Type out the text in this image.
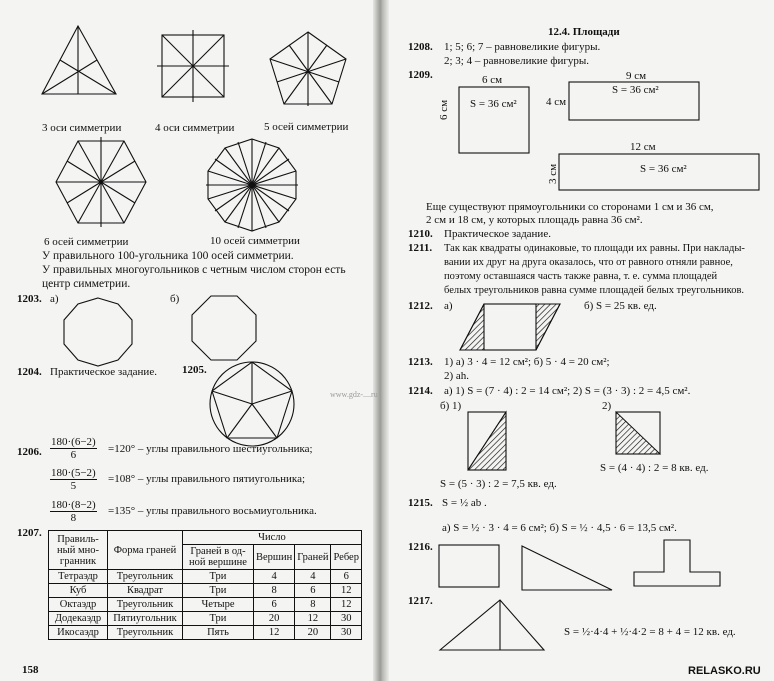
3 оси симметрии	4 оси симметрии	5 осей симметрии
6 осей симметрии	10 осей симметрии
У правильного 100-угольника 100 осей симметрии.
У правильных многоугольников с четным числом сторон есть
центр симметрии.
1203. а)	б)
1204. Практическое задание. 1205.
www.gdz-....ru
1206. $\frac{180\cdot(6-2)}{6} =120^\circ$ – углы правильного шестиугольника;
$\frac{180\cdot(5-2)}{5} =108^\circ$ – углы правильного пятиугольника;
$\frac{180\cdot(8-2)}{8} =135^\circ$ – углы правильного восьмиугольника.
1207. Правиль-ный мно-гранник	Форма граней	Число			
		Граней в од-ной вершине	Вершин	Граней	Ребер
Тетраэдр	Треугольник	Три	4	4	6
Куб	Квадрат	Три	8	6	12
Октаэдр	Треугольник	Четыре	6	8	12
Додекаэдр	Пятиугольник	Три	20	12	30
Икосаэдр	Треугольник	Пять	12	20	30
158
12.4. Площади
1208. 1; 5; 6; 7 – равновеликие фигуры.
2; 3; 4 – равновеликие фигуры.
1209.	6 см
6 см S = 36 см²
9 см
4 см
S = 36 см²
12 см
3 см	S = 36 см²
Еще существуют прямоугольники со сторонами 1 см и 36 см,
2 см и 18 см, у которых площадь равна 36 см².
1210. Практическое задание.
1211. Так как квадраты одинаковые, то площади их равны. При наклады-
вании их друг на друга оказалось, что от равного отняли равное,
поэтому оставшаяся часть также равна, т. е. сумма площадей
белых треугольников равна сумме площадей белых треугольников.
1212. а)	б) S = 25 кв. ед.
1213. 1) а) 3 · 4 = 12 см²; б) 5 · 4 = 20 см²;
2) ah.
1214. а) 1) S = (7 · 4) : 2 = 14 см²; 2) S = (3 · 3) : 2 = 4,5 см².
б) 1)	2)
S = (4 · 4) : 2 = 8 кв. ед.
S = (5 · 3) : 2 = 7,5 кв. ед.
1215. S = ½ ab .
а) S = ½ · 3 · 4 = 6 см²; б) S = ½ · 4,5 · 6 = 13,5 см².
1216.
1217.
S = ½·4·4 + ½·4·2 = 8 + 4 = 12 кв. ед.
RELASKO.RU
